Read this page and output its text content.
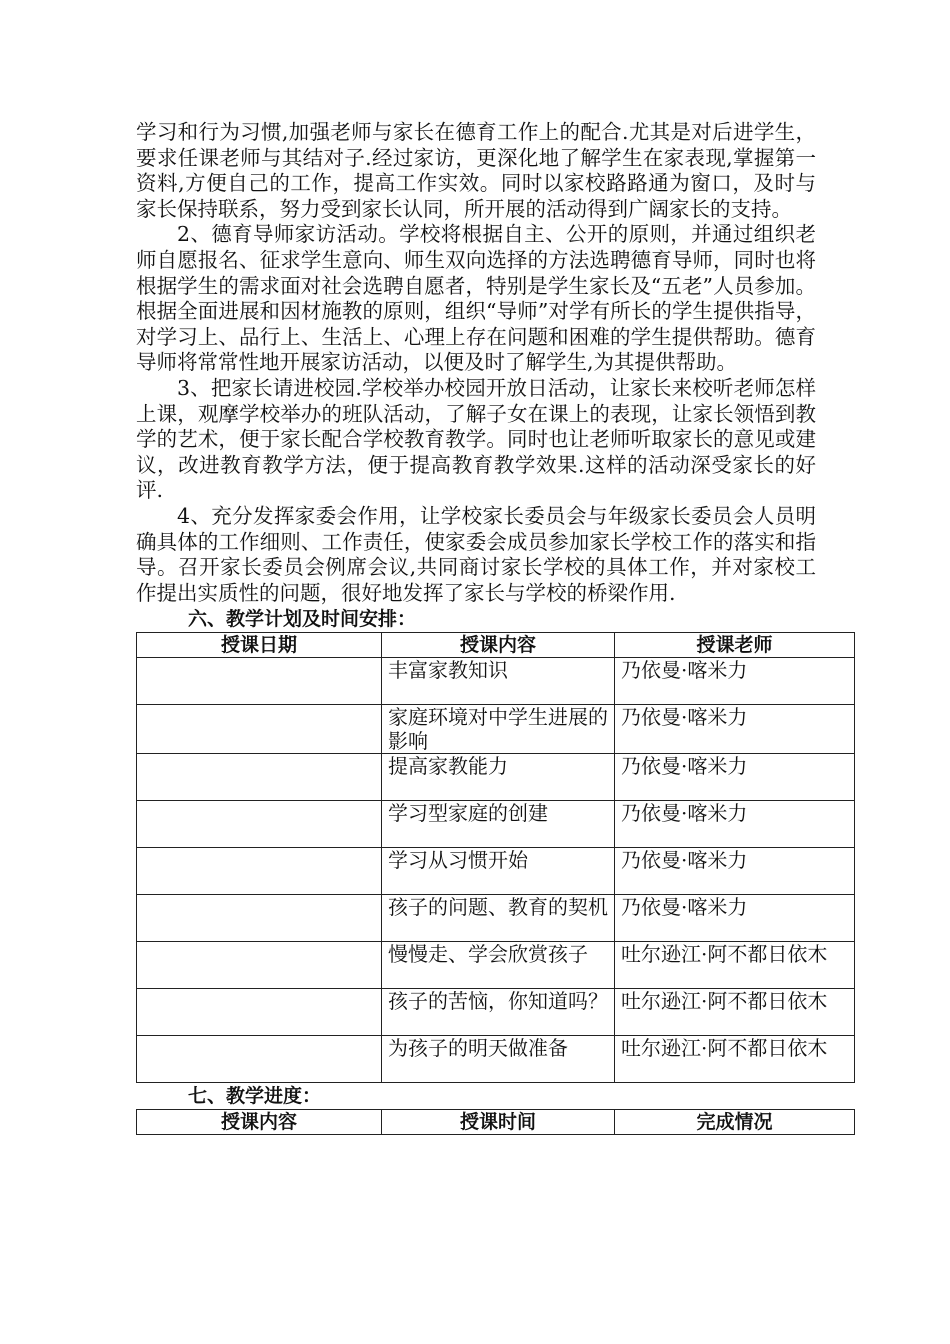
学习和行为习惯,加强老师与家长在德育工作上的配合.尤其是对后进学生，要求任课老师与其结对子.经过家访，更深化地了解学生在家表现,掌握第一资料,方便自己的工作，提高工作实效。同时以家校路路通为窗口，及时与家长保持联系，努力受到家长认同，所开展的活动得到广阔家长的支持。

2、德育导师家访活动。学校将根据自主、公开的原则，并通过组织老师自愿报名、征求学生意向、师生双向选择的方法选聘德育导师，同时也将根据学生的需求面对社会选聘自愿者，特别是学生家长及“五老”人员参加。根据全面进展和因材施教的原则，组织“导师”对学有所长的学生提供指导，对学习上、品行上、生活上、心理上存在问题和困难的学生提供帮助。德育导师将常常性地开展家访活动，以便及时了解学生,为其提供帮助。

3、把家长请进校园.学校举办校园开放日活动，让家长来校听老师怎样上课，观摩学校举办的班队活动，了解子女在课上的表现，让家长领悟到教学的艺术，便于家长配合学校教育教学。同时也让老师听取家长的意见或建议，改进教育教学方法，便于提高教育教学效果.这样的活动深受家长的好评.

4、充分发挥家委会作用，让学校家长委员会与年级家长委员会人员明确具体的工作细则、工作责任，使家委会成员参加家长学校工作的落实和指导。召开家长委员会例席会议,共同商讨家长学校的具体工作，并对家校工作提出实质性的问题，很好地发挥了家长与学校的桥梁作用.

六、教学计划及时间安排：

授课日期	授课内容	授课老师
	丰富家教知识	乃依曼·喀米力
	家庭环境对中学生进展的影响	乃依曼·喀米力
	提高家教能力	乃依曼·喀米力
	学习型家庭的创建	乃依曼·喀米力
	学习从习惯开始	乃依曼·喀米力
	孩子的问题、教育的契机	乃依曼·喀米力
	慢慢走、学会欣赏孩子	吐尔逊江·阿不都日依木
	孩子的苦恼，你知道吗？	吐尔逊江·阿不都日依木
	为孩子的明天做准备	吐尔逊江·阿不都日依木

七、教学进度：

授课内容	授课时间	完成情况
